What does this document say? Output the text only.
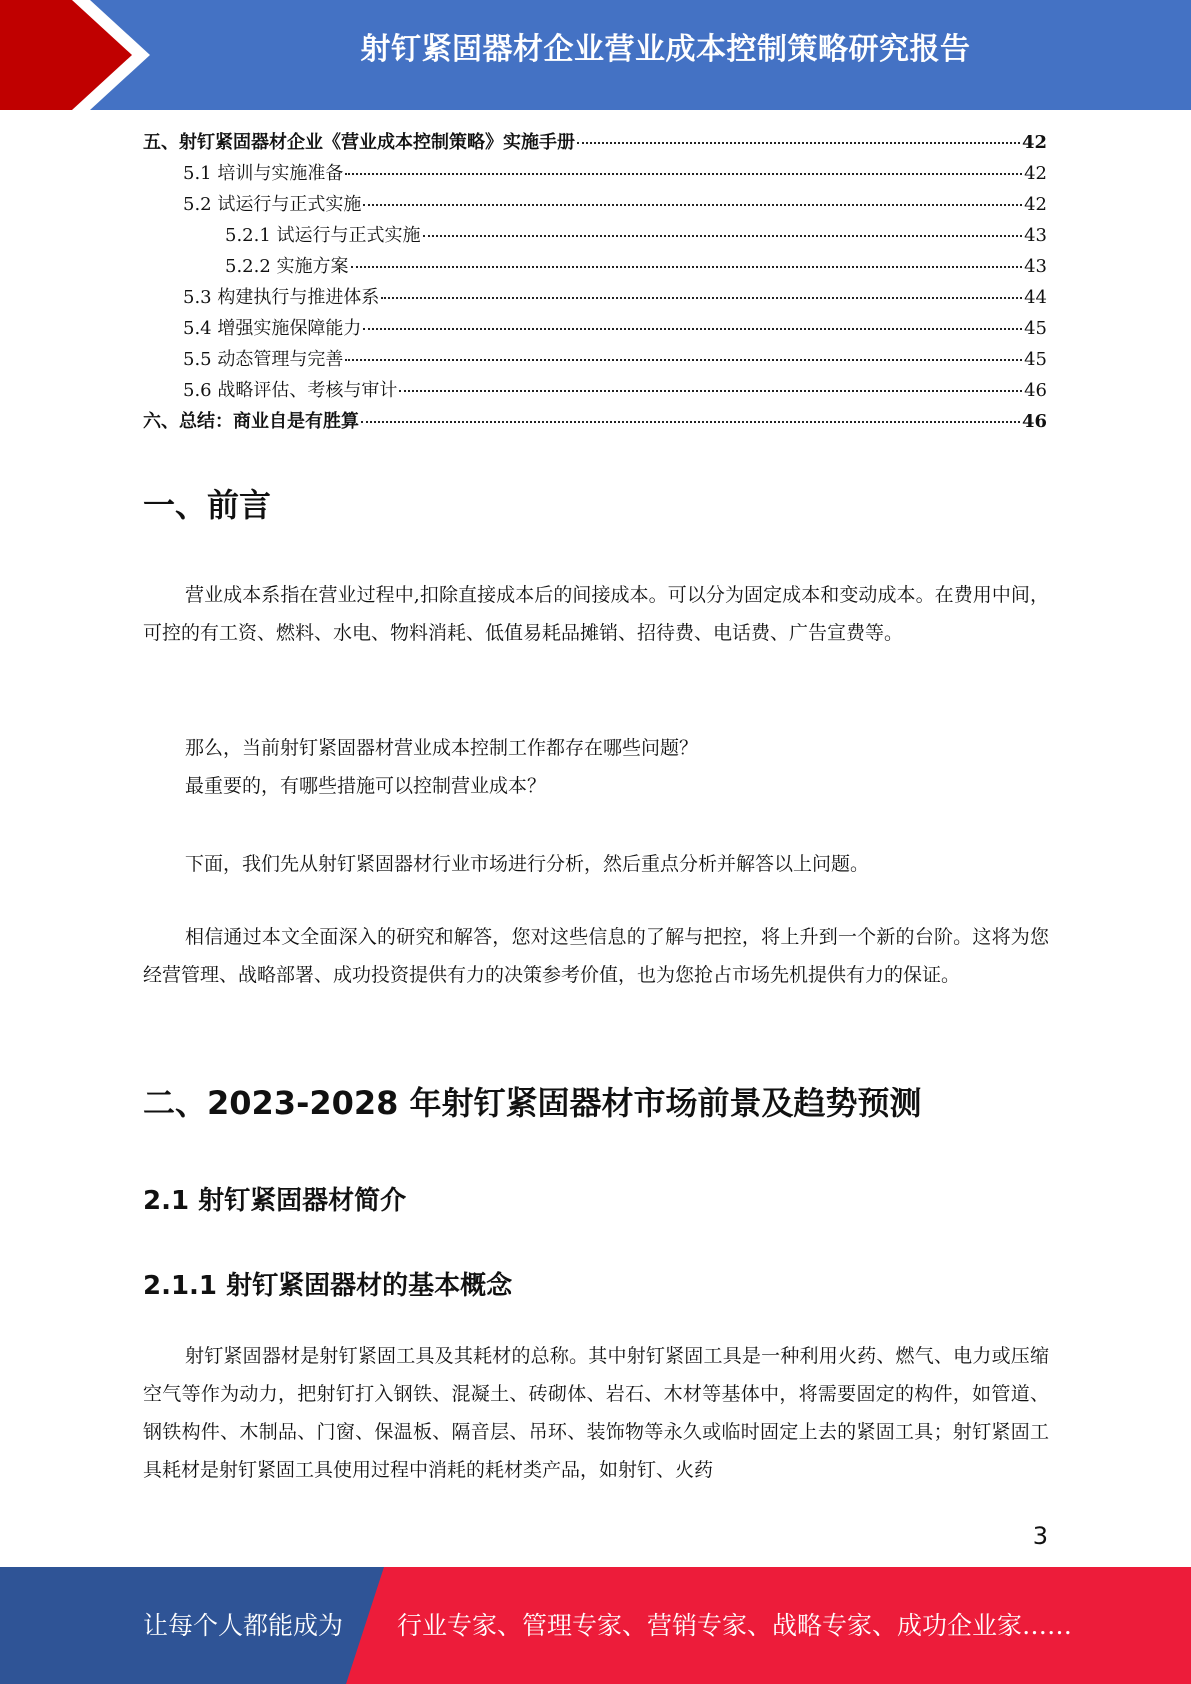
射钉紧固器材企业营业成本控制策略研究报告
五、射钉紧固器材企业《营业成本控制策略》实施手册	42
5.1 培训与实施准备	42
5.2 试运行与正式实施	42
5.2.1 试运行与正式实施	43
5.2.2 实施方案	43
5.3 构建执行与推进体系	44
5.4 增强实施保障能力	45
5.5 动态管理与完善	45
5.6 战略评估、考核与审计	46
六、总结：商业自是有胜算	46
一、前言

营业成本系指在营业过程中,扣除直接成本后的间接成本。可以分为固定成本和变动成本。在费用中间，可控的有工资、燃料、水电、物料消耗、低值易耗品摊销、招待费、电话费、广告宣费等。

那么，当前射钉紧固器材营业成本控制工作都存在哪些问题？

最重要的，有哪些措施可以控制营业成本？

下面，我们先从射钉紧固器材行业市场进行分析，然后重点分析并解答以上问题。

相信通过本文全面深入的研究和解答，您对这些信息的了解与把控，将上升到一个新的台阶。这将为您经营管理、战略部署、成功投资提供有力的决策参考价值，也为您抢占市场先机提供有力的保证。

二、2023-2028 年射钉紧固器材市场前景及趋势预测
2.1 射钉紧固器材简介
2.1.1 射钉紧固器材的基本概念

射钉紧固器材是射钉紧固工具及其耗材的总称。其中射钉紧固工具是一种利用火药、燃气、电力或压缩空气等作为动力，把射钉打入钢铁、混凝土、砖砌体、岩石、木材等基体中，将需要固定的构件，如管道、钢铁构件、木制品、门窗、保温板、隔音层、吊环、装饰物等永久或临时固定上去的紧固工具；射钉紧固工具耗材是射钉紧固工具使用过程中消耗的耗材类产品，如射钉、火药

3
让每个人都能成为 行业专家、管理专家、营销专家、战略专家、成功企业家……
